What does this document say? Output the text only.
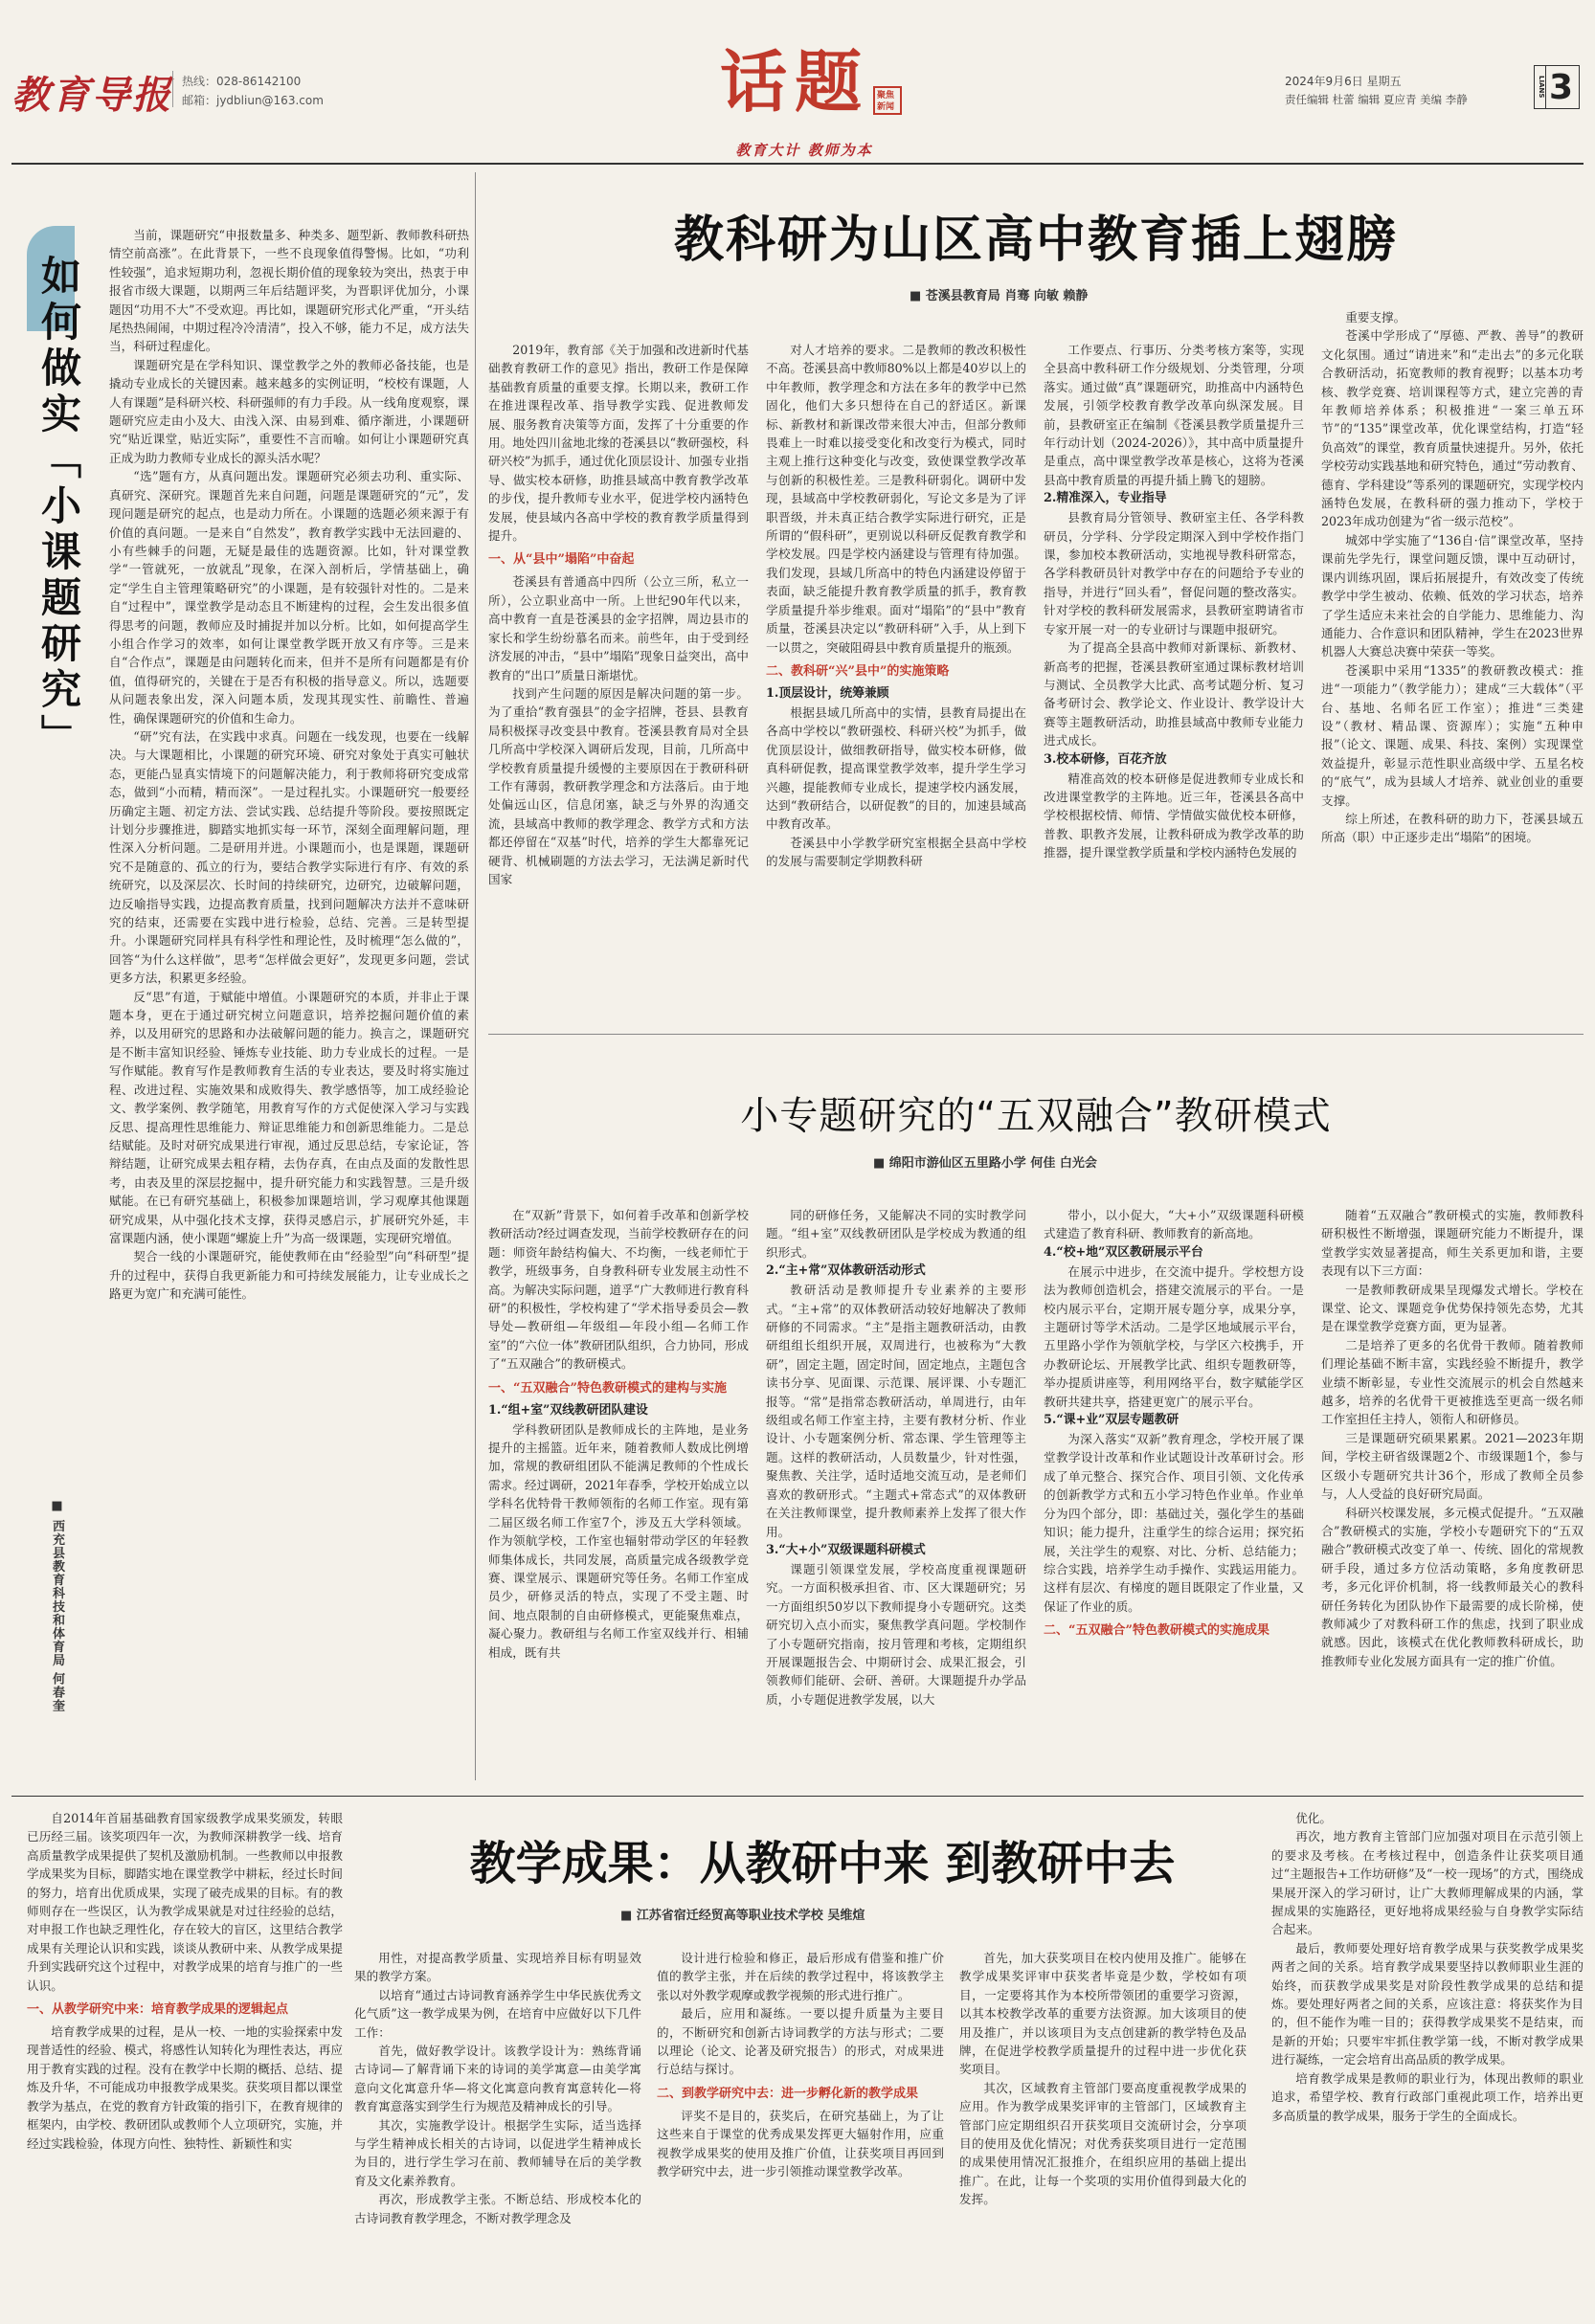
教育导报 热线：028-86142100
邮箱：jydbliun@163.com	话题 聚焦新闻
教育大计 教师为本
2024年9月6日 星期五
责任编辑 杜蕾 编辑 夏应青 美编 李静
LIANS 3
如何做实「小课题研究」
■ 西充县教育科技和体育局 何春奎

当前，课题研究“申报数量多、种类多、题型新、教师教科研热情空前高涨”。在此背景下，一些不良现象值得警惕。比如，“功利性较强”，追求短期功利，忽视长期价值的现象较为突出，热衷于申报省市级大课题，以期两三年后结题评奖，为晋职评优加分，小课题因“功用不大”不受欢迎。再比如，课题研究形式化严重，“开头结尾热热闹闹，中期过程冷冷清清”，投入不够，能力不足，成方法失当，科研过程虚化。

课题研究是在学科知识、课堂教学之外的教师必备技能，也是撬动专业成长的关键因素。越来越多的实例证明，“校校有课题，人人有课题”是科研兴校、科研强师的有力手段。从一线角度观察，课题研究应走由小及大、由浅入深、由易到难、循序渐进，小课题研究“贴近课堂，贴近实际”，重要性不言而喻。如何让小课题研究真正成为助力教师专业成长的源头活水呢？

“选”题有方，从真问题出发。课题研究必须去功利、重实际、真研究、深研究。课题首先来自问题，问题是课题研究的“元”，发现问题是研究的起点，也是动力所在。小课题的选题必须来源于有价值的真问题。一是来自“自然发”，教育教学实践中无法回避的、小有些棘手的问题，无疑是最佳的选题资源。比如，针对课堂教学“一管就死，一放就乱”现象，在深入剖析后，学情基础上，确定“学生自主管理策略研究”的小课题，是有较强针对性的。二是来自“过程中”，课堂教学是动态且不断建构的过程，会生发出很多值得思考的问题，教师应及时捕捉并加以分析。比如，如何提高学生小组合作学习的效率，如何让课堂教学既开放又有序等。三是来自“合作点”，课题是由问题转化而来，但并不是所有问题都是有价值，值得研究的，关键在于是否有积极的指导意义。所以，选题要从问题表象出发，深入问题本质，发现其现实性、前瞻性、普遍性，确保课题研究的价值和生命力。

“研”究有法，在实践中求真。问题在一线发现，也要在一线解决。与大课题相比，小课题的研究环境、研究对象处于真实可触状态，更能凸显真实情境下的问题解决能力，利于教师将研究变成常态，做到“小而精，精而深”。一是过程扎实。小课题研究一般要经历确定主题、初定方法、尝试实践、总结提升等阶段。要按照既定计划分步骤推进，脚踏实地抓实每一环节，深刻全面理解问题，理性深入分析问题。二是研用并进。小课题而小，也是课题，课题研究不是随意的、孤立的行为，要结合教学实际进行有序、有效的系统研究，以及深层次、长时间的持续研究，边研究，边破解问题，边反喻指导实践，边提高教育质量，找到问题解决方法并不意味研究的结束，还需要在实践中进行检验，总结、完善。三是转型提升。小课题研究同样具有科学性和理论性，及时梳理“怎么做的”，回答“为什么这样做”，思考“怎样做会更好”，发现更多问题，尝试更多方法，积累更多经验。

反“思”有道，于赋能中增值。小课题研究的本质，并非止于课题本身，更在于通过研究树立问题意识，培养挖掘问题价值的素养，以及用研究的思路和办法破解问题的能力。换言之，课题研究是不断丰富知识经验、锤炼专业技能、助力专业成长的过程。一是写作赋能。教育写作是教师教育生活的专业表达，要及时将实施过程、改进过程、实施效果和成败得失、教学感悟等，加工成经验论文、教学案例、教学随笔，用教育写作的方式促使深入学习与实践反思、提高理性思维能力、辩证思维能力和创新思维能力。二是总结赋能。及时对研究成果进行审视，通过反思总结，专家论证，答辩结题，让研究成果去粗存精，去伪存真，在由点及面的发散性思考，由表及里的深层挖掘中，提升研究能力和实践智慧。三是升级赋能。在已有研究基础上，积极参加课题培训，学习观摩其他课题研究成果，从中强化技术支撑，获得灵感启示，扩展研究外延，丰富课题内涵，使小课题“螺旋上升”为高一级课题，实现研究增值。

契合一线的小课题研究，能使教师在由“经验型”向“科研型”提升的过程中，获得自我更新能力和可持续发展能力，让专业成长之路更为宽广和充满可能性。

教科研为山区高中教育插上翅膀
■ 苍溪县教育局 肖骞 向敏 赖静

2019年，教育部《关于加强和改进新时代基础教育教研工作的意见》指出，教研工作是保障基础教育质量的重要支撑。长期以来，教研工作在推进课程改革、指导教学实践、促进教师发展、服务教育决策等方面，发挥了十分重要的作用。地处四川盆地北缘的苍溪县以“教研强校，科研兴校”为抓手，通过优化顶层设计、加强专业指导、做实校本研修，助推县域高中教育教学改革的步伐，提升教师专业水平，促进学校内涵特色发展，使县域内各高中学校的教育教学质量得到提升。

一、从“县中”塌陷”中奋起

苍溪县有普通高中四所（公立三所，私立一所），公立职业高中一所。上世纪90年代以来，高中教育一直是苍溪县的金字招牌，周边县市的家长和学生纷纷慕名而来。前些年，由于受到经济发展的冲击，“县中”塌陷”现象日益突出，高中教育的“出口”质量日渐堪忧。

找到产生问题的原因是解决问题的第一步。为了重拾“教育强县”的金字招牌，苍县、县教育局积极探寻改变县中教育。苍溪县教育局对全县几所高中学校深入调研后发现，目前，几所高中学校教育质量提升缓慢的主要原因在于教研科研工作有薄弱，教研教学理念和方法落后。由于地处偏远山区，信息闭塞，缺乏与外界的沟通交流，县域高中教师的教学理念、教学方式和方法都还停留在“双基”时代，培养的学生大都靠死记硬背、机械刷题的方法去学习，无法满足新时代国家

对人才培养的要求。二是教师的教改积极性不高。苍溪县高中教师80%以上都是40岁以上的中年教师，教学理念和方法在多年的教学中已然固化，他们大多只想待在自己的舒适区。新课标、新教材和新课改带来很大冲击，但部分教师畏难上一时难以接受变化和改变行为模式，同时主观上推行这种变化与改变，致使课堂教学改革与创新的积极性差。三是教科研弱化。调研中发现，县域高中学校教研弱化，写论文多是为了评职晋级，并未真正结合教学实际进行研究，正是所谓的“假科研”，更别说以科研反促教育教学和学校发展。四是学校内涵建设与管理有待加强。我们发现，县域几所高中的特色内涵建设停留于表面，缺乏能提升教育教学质量的抓手，教育教学质量提升举步维艰。面对“塌陷”的“县中”教育质量，苍溪县决定以“教研科研”入手，从上到下一以贯之，突破阻碍县中教育质量提升的瓶颈。

二、教科研“兴”县中”的实施策略
1.顶层设计，统筹兼顾

根据县域几所高中的实情，县教育局提出在各高中学校以“教研强校、科研兴校”为抓手，做优顶层设计，做细教研指导，做实校本研修，做真科研促教，提高课堂教学效率，提升学生学习兴趣，提能教师专业成长，提速学校内涵发展，达到“教研结合，以研促教”的目的，加速县域高中教育改革。

苍溪县中小学教学研究室根据全县高中学校的发展与需要制定学期教科研

工作要点、行事历、分类考核方案等，实现全县高中教科研工作分级规划、分类管理，分项落实。通过做“真”课题研究，助推高中内涵特色发展，引领学校教育教学改革向纵深发展。目前，县教研室正在编制《苍溪县教学质量提升三年行动计划（2024-2026）》，其中高中质量提升是重点，高中课堂教学改革是核心，这将为苍溪县高中教育质量的再提升插上腾飞的翅膀。

2.精准深入，专业指导

县教育局分管领导、教研室主任、各学科教研员，分学科、分学段定期深入到中学校作指门课，参加校本教研活动，实地视导教科研常态，各学科教研员针对教学中存在的问题给予专业的指导，并进行“回头看”，督促问题的整改落实。针对学校的教科研发展需求，县教研室聘请省市专家开展一对一的专业研讨与课题申报研究。

为了提高全县高中教师对新课标、新教材、新高考的把握，苍溪县教研室通过课标教材培训与测试、全员教学大比武、高考试题分析、复习备考研讨会、教学论文、作业设计、教学设计大赛等主题教研活动，助推县域高中教师专业能力进式成长。

3.校本研修，百花齐放

精准高效的校本研修是促进教师专业成长和改进课堂教学的主阵地。近三年，苍溪县各高中学校根据校情、师情、学情做实做优校本研修，普教、职教齐发展，让教科研成为教学改革的助推器，提升课堂教学质量和学校内涵特色发展的

重要支撑。

苍溪中学形成了“厚德、严教、善导”的教研文化氛围。通过“请进来”和“走出去”的多元化联合教研活动，拓宽教师的教育视野；以基本功考核、教学竞赛、培训课程等方式，建立完善的青年教师培养体系；积极推进“一案三单五环节”的“135”课堂改革，优化课堂结构，打造“轻负高效”的课堂，教育质量快速提升。另外，依托学校劳动实践基地和研究特色，通过“劳动教育、德育、学科建设”等系列的课题研究，实现学校内涵特色发展，在教科研的强力推动下，学校于2023年成功创建为“省一级示范校”。

城郊中学实施了“136自·信”课堂改革，坚持课前先学先行，课堂问题反馈，课中互动研讨，课内训练巩固，课后拓展提升，有效改变了传统教学中学生被动、依赖、低效的学习状态，培养了学生适应未来社会的自学能力、思维能力、沟通能力、合作意识和团队精神，学生在2023世界机器人大赛总决赛中荣获一等奖。

苍溪职中采用“1335”的教研教改模式：推进“一项能力”（教学能力）；建成“三大载体”（平台、基地、名师名匠工作室）；推进“三类建设”（教材、精品课、资源库）；实施“五种申报”（论文、课题、成果、科技、案例）实现课堂效益提升，彰显示范性职业高级中学、五星名校的“底气”，成为县域人才培养、就业创业的重要支撑。

综上所述，在教科研的助力下，苍溪县域五所高（职）中正逐步走出“塌陷”的困境。

小专题研究的“五双融合”教研模式
■ 绵阳市游仙区五里路小学 何佳 白光会

在“双新”背景下，如何着手改革和创新学校教研活动?经过调查发现，当前学校教研存在的问题：师资年龄结构偏大、不均衡，一线老师忙于教学，班级事务，自身教科研专业发展主动性不高。为解决实际问题，道孚“广大教师进行教育科研”的积极性，学校构建了“学术指导委员会—教导处—教研组—年级组—年段小组—名师工作室”的“六位一体”教研团队组织，合力协同，形成了“五双融合”的教研模式。

一、“五双融合”特色教研模式的建构与实施
1.“组+室”双线教研团队建设

学科教研团队是教师成长的主阵地，是业务提升的主摇篮。近年来，随着教师人数成比例增加，常规的教研组团队不能满足教师的个性成长需求。经过调研，2021年春季，学校开始成立以学科名优特骨干教师领衔的名师工作室。现有第二届区级名师工作室7个，涉及五大学科领域。作为领航学校，工作室也辐射带动学区的年轻教师集体成长，共同发展，高质量完成各级教学竞赛、课堂展示、课题研究等任务。名师工作室成员少，研修灵活的特点，实现了不受主题、时间、地点限制的自由研修模式，更能聚焦难点，凝心聚力。教研组与名师工作室双线并行、相辅相成，既有共

同的研修任务，又能解决不同的实时教学问题。“组+室”双线教研团队是学校成为教通的组织形式。

2.“主+常”双体教研活动形式

教研活动是教师提升专业素养的主要形式。“主+常”的双体教研活动较好地解决了教师研修的不同需求。“主”是指主题教研活动，由教研组组长组织开展，双周进行，也被称为“大教研”，固定主题，固定时间，固定地点，主题包含读书分享、见面课、示范课、展评课、小专题汇报等。“常”是指常态教研活动，单周进行，由年级组或名师工作室主持，主要有教材分析、作业设计、小专题案例分析、常态课、学生管理等主题。这样的教研活动，人员数量少，针对性强，聚焦教、关注学，适时适地交流互动，是老师们喜欢的教研形式。“主题式+常态式”的双体教研在关注教师课堂，提升教师素养上发挥了很大作用。

3.“大+小”双级课题科研模式

课题引领课堂发展，学校高度重视课题研究。一方面积极承担省、市、区大课题研究；另一方面组织50岁以下教师提身小专题研究。这类研究切入点小而实，聚焦教学真问题。学校制作了小专题研究指南，按月管理和考核，定期组织开展课题报告会、中期研讨会、成果汇报会，引领教师们能研、会研、善研。大课题提升办学品质，小专题促进教学发展，以大

带小，以小促大，“大+小”双级课题科研模式建造了教育科研、教师教育的新高地。

4.“校+地”双区教研展示平台

在展示中进步，在交流中提升。学校想方设法为教师创造机会，搭建交流展示的平台。一是校内展示平台，定期开展专题分享，成果分享，主题研讨等学术活动。二是学区地域展示平台，五里路小学作为领航学校，与学区六校携手，开办教研论坛、开展教学比武、组织专题教研等，举办提质讲座等，利用网络平台，数字赋能学区教研共建共享，搭建更宽广的展示平台。

5.“课+业”双层专题教研

为深入落实“双新”教育理念，学校开展了课堂教学设计改革和作业试题设计改革研讨会。形成了单元整合、探究合作、项目引领、文化传承的创新教学方式和五小学习特色作业单。作业单分为四个部分，即：基础过关，强化学生的基础知识；能力提升，注重学生的综合运用；探究拓展，关注学生的观察、对比、分析、总结能力；综合实践，培养学生动手操作、实践运用能力。这样有层次、有梯度的题目既限定了作业量，又保证了作业的质。

二、“五双融合”特色教研模式的实施成果

随着“五双融合”教研模式的实施，教师教科研积极性不断增强，课题研究能力不断提升，课堂教学实效显著提高，师生关系更加和谐，主要表现有以下三方面：

一是教师教研成果呈现爆发式增长。学校在课堂、论文、课题竞争优势保持领先态势，尤其是在课堂教学竞赛方面，更为显著。

二是培养了更多的名优骨干教师。随着教师们理论基础不断丰富，实践经验不断提升，教学业绩不断彰显，专业性交流展示的机会自然越来越多，培养的名优骨干更被推选至更高一级名师工作室担任主持人，领衔人和研修员。

三是课题研究硕果累累。2021—2023年期间，学校主研省级课题2个、市级课题1个，参与区级小专题研究共计36个，形成了教师全员参与，人人受益的良好研究局面。

科研兴校课发展，多元模式促提升。“五双融合”教研模式的实施，学校小专题研究下的“五双融合”教研模式改变了单一、传统、固化的常规教研手段，通过多方位活动策略，多角度教研思考，多元化评价机制，将一线教师最关心的教科研任务转化为团队协作下最需要的成长阶梯，使教师减少了对教科研工作的焦虑，找到了职业成就感。因此，该模式在优化教师教科研成长，助推教师专业化发展方面具有一定的推广价值。

自2014年首届基础教育国家级教学成果奖颁发，转眼已历经三届。该奖项四年一次，为教师深耕教学一线、培育高质量教学成果提供了契机及激励机制。一些教师以申报教学成果奖为目标，脚踏实地在课堂教学中耕耘，经过长时间的努力，培育出优质成果，实现了破壳成果的目标。有的教师则存在一些误区，认为教学成果就是对过往经验的总结，对申报工作也缺乏理性化，存在较大的盲区，这里结合教学成果有关理论认识和实践，谈谈从教研中来、从教学成果提升到实践研究这个过程中，对教学成果的培育与推广的一些认识。

一、从教学研究中来：培育教学成果的逻辑起点

培育教学成果的过程，是从一校、一地的实验探索中发现普适性的经验、模式，将感性认知转化为理性表达，再应用于教育实践的过程。没有在教学中长期的概括、总结、提炼及升华，不可能成功申报教学成果奖。获奖项目都以课堂教学为基点，在党的教育方针政策的指引下，在教育规律的框架内，由学校、教研团队或教师个人立项研究，实施，并经过实践检验，体现方向性、独特性、新颖性和实

教学成果：从教研中来 到教研中去
■ 江苏省宿迁经贸高等职业技术学校 吴维煊

用性，对提高教学质量、实现培养目标有明显效果的教学方案。

以培育“通过古诗词教育涵养学生中华民族优秀文化气质”这一教学成果为例，在培育中应做好以下几件工作：

首先，做好教学设计。该教学设计为：熟练背诵古诗词—了解背诵下来的诗词的美学寓意—由美学寓意向文化寓意升华—将文化寓意向教育寓意转化—将教育寓意落实到学生行为规范及精神成长的引导。

其次，实施教学设计。根据学生实际，适当选择与学生精神成长相关的古诗词，以促进学生精神成长为目的，进行学生学习在前、教师辅导在后的美学教育及文化素养教育。

再次，形成教学主张。不断总结、形成校本化的古诗词教育教学理念，不断对教学理念及

设计进行检验和修正，最后形成有借鉴和推广价值的教学主张，并在后续的教学过程中，将该教学主张以对外教学观摩或教学视频的形式进行推广。

最后，应用和凝练。一要以提升质量为主要目的，不断研究和创新古诗词教学的方法与形式；二要以理论（论文、论著及研究报告）的形式，对成果进行总结与探讨。

二、到教学研究中去：进一步孵化新的教学成果

评奖不是目的，获奖后，在研究基础上，为了让这些来自于课堂的优秀成果发挥更大辐射作用，应重视教学成果奖的使用及推广价值，让获奖项目再回到教学研究中去，进一步引领推动课堂教学改革。

首先，加大获奖项目在校内使用及推广。能够在教学成果奖评审中获奖者毕竟是少数，学校如有项目，一定要将其作为本校所带领团的重要学习资源，以其本校教学改革的重要方法资源。加大该项目的使用及推广，并以该项目为支点创建新的教学特色及品牌，在促进学校教学质量提升的过程中进一步优化获奖项目。

其次，区域教育主管部门要高度重视教学成果的应用。作为教学成果奖评审的主管部门，区域教育主管部门应定期组织召开获奖项目交流研讨会，分享项目的使用及优化情况；对优秀获奖项目进行一定范围的成果使用情况汇报推介，在组织应用的基础上提出推广。在此，让每一个奖项的实用价值得到最大化的发挥。

优化。

再次，地方教育主管部门应加强对项目在示范引领上的要求及考核。在考核过程中，创造条件让获奖项目通过“主题报告+工作坊研修”及“一校一现场”的方式，围绕成果展开深入的学习研讨，让广大教师理解成果的内涵，掌握成果的实施路径，更好地将成果经验与自身教学实际结合起来。

最后，教师要处理好培育教学成果与获奖教学成果奖两者之间的关系。培育教学成果要坚持以教师职业生涯的始终，而获教学成果奖是对阶段性教学成果的总结和提炼。要处理好两者之间的关系，应该注意：将获奖作为目的，但不能作为唯一目的；获得教学成果奖不是结束，而是新的开始；只要牢牢抓住教学第一线，不断对教学成果进行凝练，一定会培育出高品质的教学成果。

培育教学成果是教师的职业行为，体现出教师的职业追求，希望学校、教育行政部门重视此项工作，培养出更多高质量的教学成果，服务于学生的全面成长。
